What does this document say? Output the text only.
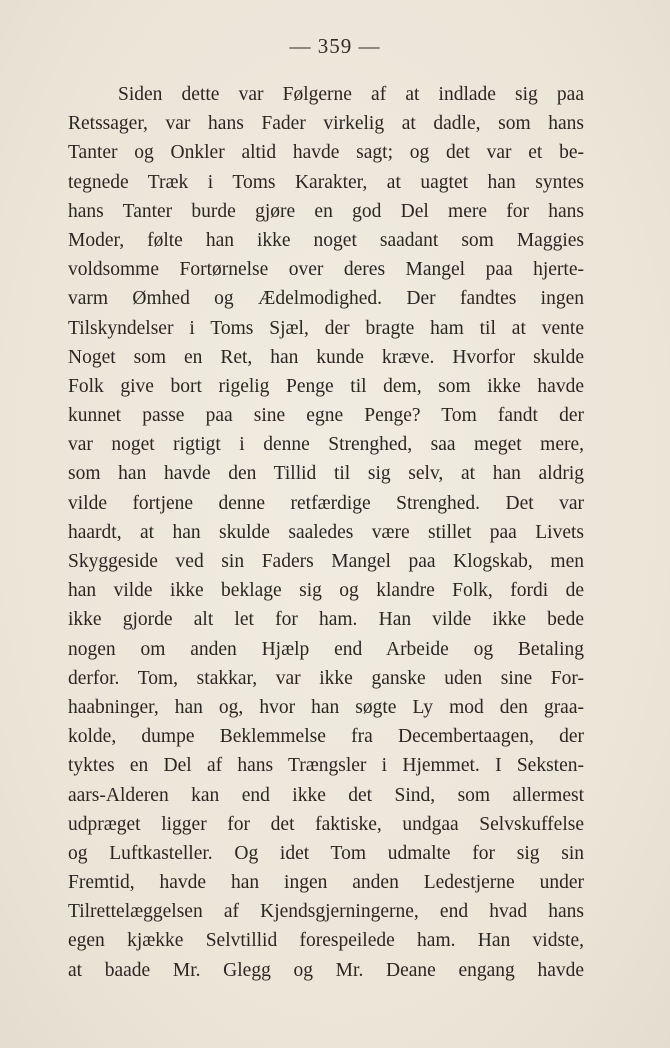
— 359 —
Siden dette var Følgerne af at indlade sig paa
Retssager, var hans Fader virkelig at dadle, som hans
Tanter og Onkler altid havde sagt; og det var et be-
tegnede Træk i Toms Karakter, at uagtet han syntes
hans Tanter burde gjøre en god Del mere for hans
Moder, følte han ikke noget saadant som Maggies
voldsomme Fortørnelse over deres Mangel paa hjerte-
varm Ømhed og Ædelmodighed. Der fandtes ingen
Tilskyndelser i Toms Sjæl, der bragte ham til at vente
Noget som en Ret, han kunde kræve. Hvorfor skulde
Folk give bort rigelig Penge til dem, som ikke havde
kunnet passe paa sine egne Penge? Tom fandt der
var noget rigtigt i denne Strenghed, saa meget mere,
som han havde den Tillid til sig selv, at han aldrig
vilde fortjene denne retfærdige Strenghed. Det var
haardt, at han skulde saaledes være stillet paa Livets
Skyggeside ved sin Faders Mangel paa Klogskab, men
han vilde ikke beklage sig og klandre Folk, fordi de
ikke gjorde alt let for ham. Han vilde ikke bede
nogen om anden Hjælp end Arbeide og Betaling
derfor. Tom, stakkar, var ikke ganske uden sine For-
haabninger, han og, hvor han søgte Ly mod den graa-
kolde, dumpe Beklemmelse fra Decembertaagen, der
tyktes en Del af hans Trængsler i Hjemmet. I Seksten-
aars-Alderen kan end ikke det Sind, som allermest
udpræget ligger for det faktiske, undgaa Selvskuffelse
og Luftkasteller. Og idet Tom udmalte for sig sin
Fremtid, havde han ingen anden Ledestjerne under
Tilrettelæggelsen af Kjendsgjerningerne, end hvad hans
egen kjække Selvtillid forespeilede ham. Han vidste,
at baade Mr. Glegg og Mr. Deane engang havde
